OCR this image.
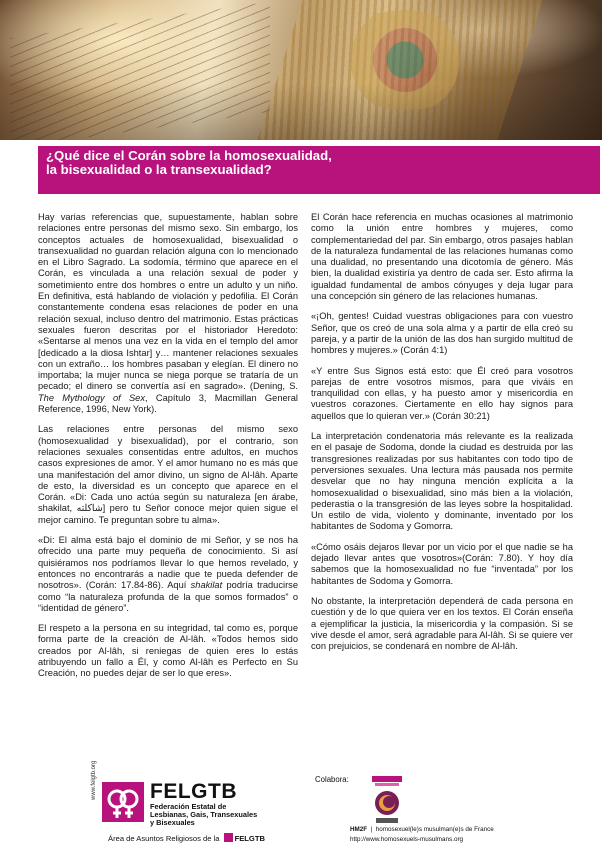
¿Qué dice el Corán sobre la homosexualidad, la bisexualidad o la transexualidad?

Hay varias referencias que, supuestamente, hablan sobre relaciones entre personas del mismo sexo. Sin embargo, los conceptos actuales de homosexualidad, bisexualidad o transexualidad no guardan relación alguna con lo mencionado en el Libro Sagrado. La sodomía, término que aparece en el Corán, es vinculada a una relación sexual de poder y sometimiento entre dos hombres o entre un adulto y un niño. En definitiva, está hablando de violación y pedofilia. El Corán constantemente condena esas relaciones de poder en una relación sexual, incluso dentro del matrimonio. Estas prácticas sexuales fueron descritas por el historiador Heredoto: «Sentarse al menos una vez en la vida en el templo del amor [dedicado a la diosa Ishtar] y… mantener relaciones sexuales con un extraño… los hombres pasaban y elegían. El dinero no importaba; la mujer nunca se niega porque se trataría de un pecado; el dinero se convertía así en sagrado». (Dening, S. The Mythology of Sex, Capítulo 3, Macmillan General Reference, 1996, New York).

Las relaciones entre personas del mismo sexo (homosexualidad y bisexualidad), por el contrario, son relaciones sexuales consentidas entre adultos, en muchos casos expresiones de amor. Y el amor humano no es más que una manifestación del amor divino, un signo de Al-lâh. Aparte de esto, la diversidad es un concepto que aparece en el Corán. «Di: Cada uno actúa según su naturaleza [en árabe, shakilat, شاكلته] pero tu Señor conoce mejor quien sigue el mejor camino. Te preguntan sobre tu alma».

«Di: El alma está bajo el dominio de mi Señor, y se nos ha ofrecido una parte muy pequeña de conocimiento. Si así quisiéramos nos podríamos llevar lo que hemos revelado, y entonces no encontrarás a nadie que te pueda defender de nosotros». (Corán: 17.84-86). Aquí shakilat podría traducirse como “la naturaleza profunda de la que somos formados” o “identidad de género”.

El respeto a la persona en su integridad, tal como es, porque forma parte de la creación de Al-lâh. «Todos hemos sido creados por Al-lâh, si reniegas de quien eres lo estás atribuyendo un fallo a Él, y como Al-lâh es Perfecto en Su Creación, no puedes dejar de ser lo que eres».

El Corán hace referencia en muchas ocasiones al matrimonio como la unión entre hombres y mujeres, como complementariedad del par. Sin embargo, otros pasajes hablan de la naturaleza fundamental de las relaciones humanas como una dualidad, no presentando una dicotomía de género. Más bien, la dualidad existiría ya dentro de cada ser. Esto afirma la igualdad fundamental de ambos cónyuges y deja lugar para una concepción sin género de las relaciones humanas.

«¡Oh, gentes! Cuidad vuestras obligaciones para con vuestro Señor, que os creó de una sola alma y a partir de ella creó su pareja, y a partir de la unión de las dos han surgido multitud de hombres y mujeres.» (Corán 4:1)

«Y entre Sus Signos está esto: que Él creó para vosotros parejas de entre vosotros mismos, para que viváis en tranquilidad con ellas, y ha puesto amor y misericordia en vuestros corazones. Ciertamente en ello hay signos para aquellos que lo quieran ver.» (Corán 30:21)

La interpretación condenatoria más relevante es la realizada en el pasaje de Sodoma, donde la ciudad es destruida por las transgresiones realizadas por sus habitantes con todo tipo de perversiones sexuales. Una lectura más pausada nos permite desvelar que no hay ninguna mención explícita a la homosexualidad o bisexualidad, sino más bien a la violación, pederastia o la transgresión de las leyes sobre la hospitalidad. Un estilo de vida, violento y dominante, inventado por los habitantes de Sodoma y Gomorra.

«Cómo osáis dejaros llevar por un vicio por el que nadie se ha dejado llevar antes que vosotros»(Corán: 7.80). Y hoy día sabemos que la homosexualidad no fue “inventada” por los habitantes de Sodoma y Gomorra.

No obstante, la interpretación dependerá de cada persona en cuestión y de lo que quiera ver en los textos. El Corán enseña a ejemplificar la justicia, la misericordia y la compasión. Si se vive desde el amor, será agradable para Al-lâh. Si se quiere ver con prejuicios, se condenará en nombre de Al-lâh.

www.felgtb.org	FELGTB
Federación Estatal de Lesbianas, Gais, Transexuales y Bisexuales
Área de Asuntos Religiosos de la FELGTB
Colabora:
HM2F  |  homosexuel(le)s musulman(e)s de France
http://www.homosexuels-musulmans.org
